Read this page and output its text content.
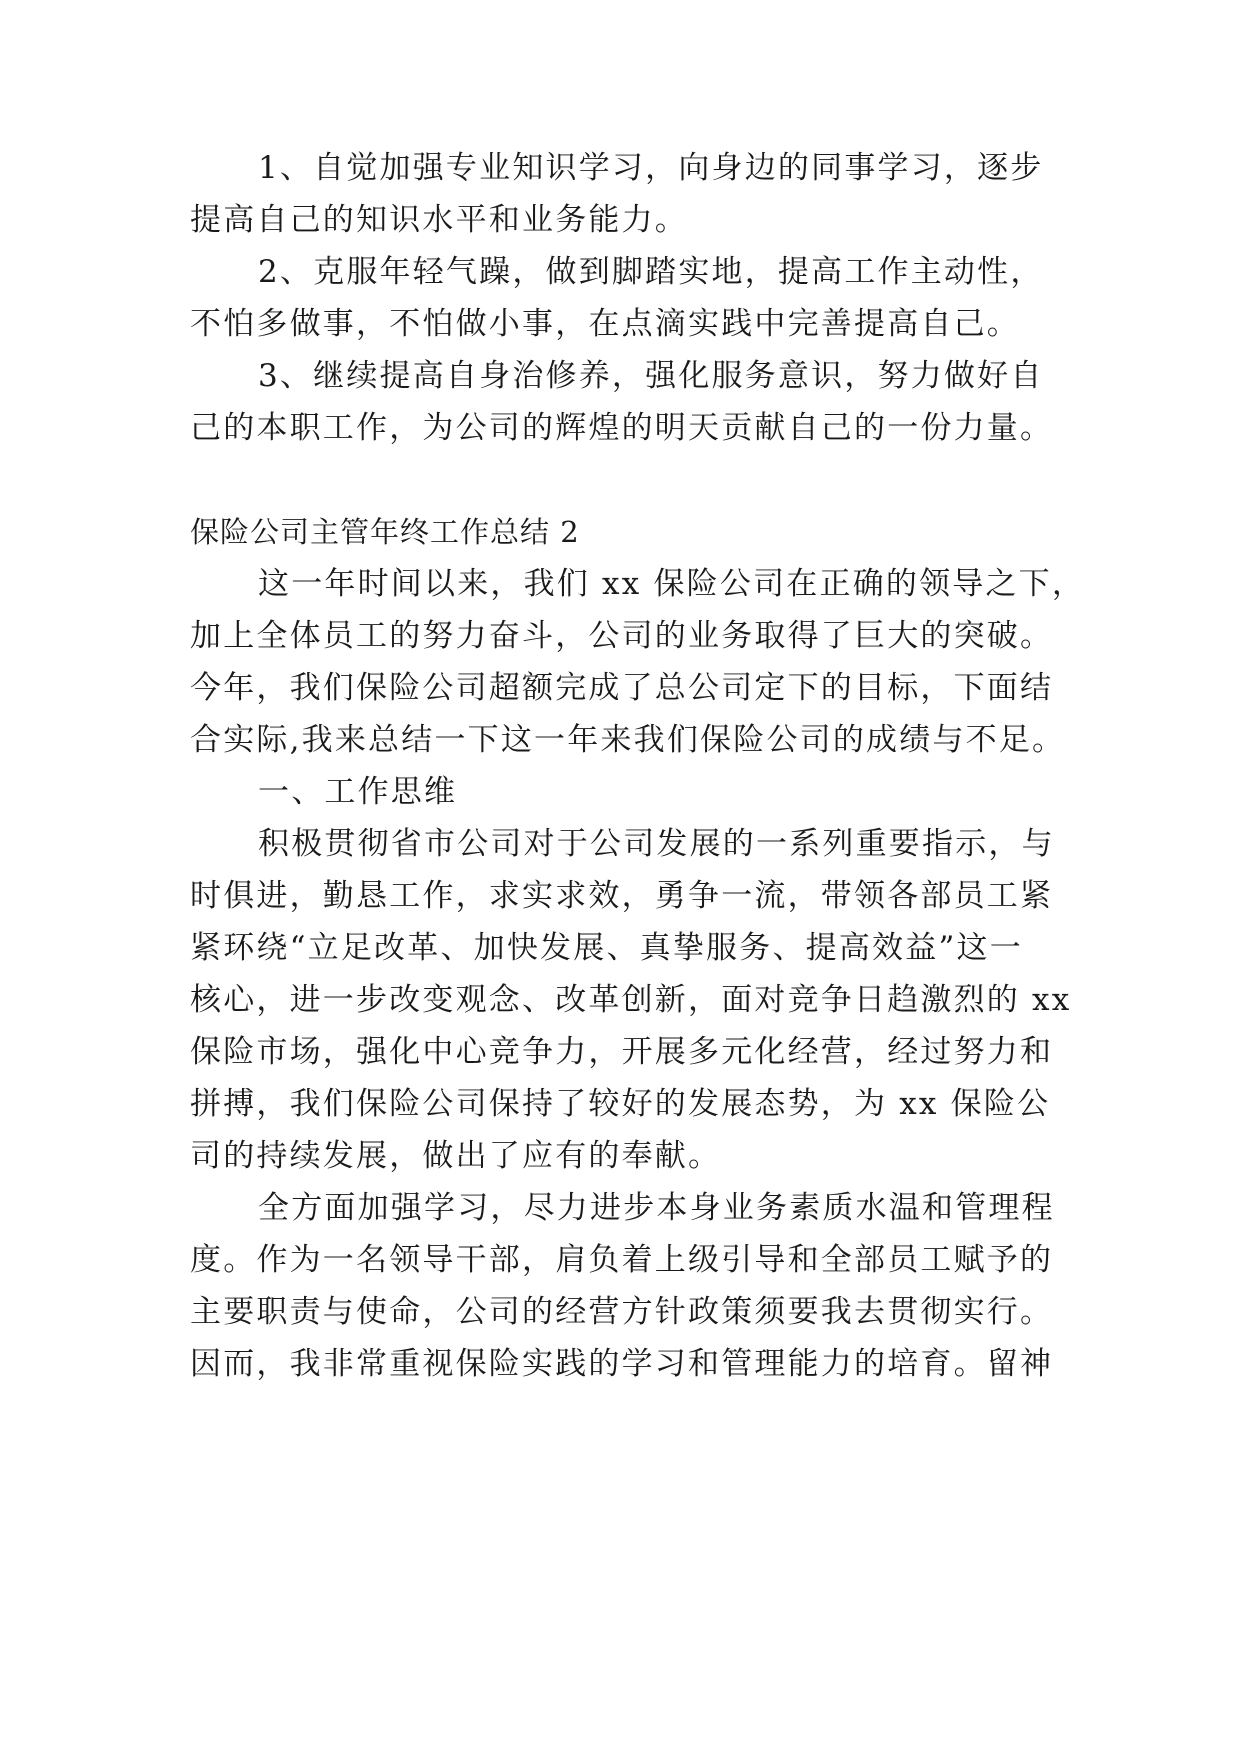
1、自觉加强专业知识学习，向身边的同事学习，逐步

提高自己的知识水平和业务能力。

2、克服年轻气躁，做到脚踏实地，提高工作主动性，

不怕多做事，不怕做小事，在点滴实践中完善提高自己。

3、继续提高自身治修养，强化服务意识，努力做好自

己的本职工作，为公司的辉煌的明天贡献自己的一份力量。

保险公司主管年终工作总结 2

这一年时间以来，我们 xx 保险公司在正确的领导之下，

加上全体员工的努力奋斗，公司的业务取得了巨大的突破。

今年，我们保险公司超额完成了总公司定下的目标，下面结

合实际,我来总结一下这一年来我们保险公司的成绩与不足。

一、工作思维

积极贯彻省市公司对于公司发展的一系列重要指示，与

时俱进，勤恳工作，求实求效，勇争一流，带领各部员工紧

紧环绕“立足改革、加快发展、真挚服务、提高效益”这一

核心，进一步改变观念、改革创新，面对竞争日趋激烈的 xx

保险市场，强化中心竞争力，开展多元化经营，经过努力和

拼搏，我们保险公司保持了较好的发展态势，为 xx 保险公

司的持续发展，做出了应有的奉献。

全方面加强学习，尽力进步本身业务素质水温和管理程

度。作为一名领导干部，肩负着上级引导和全部员工赋予的

主要职责与使命，公司的经营方针政策须要我去贯彻实行。

因而，我非常重视保险实践的学习和管理能力的培育。留神
